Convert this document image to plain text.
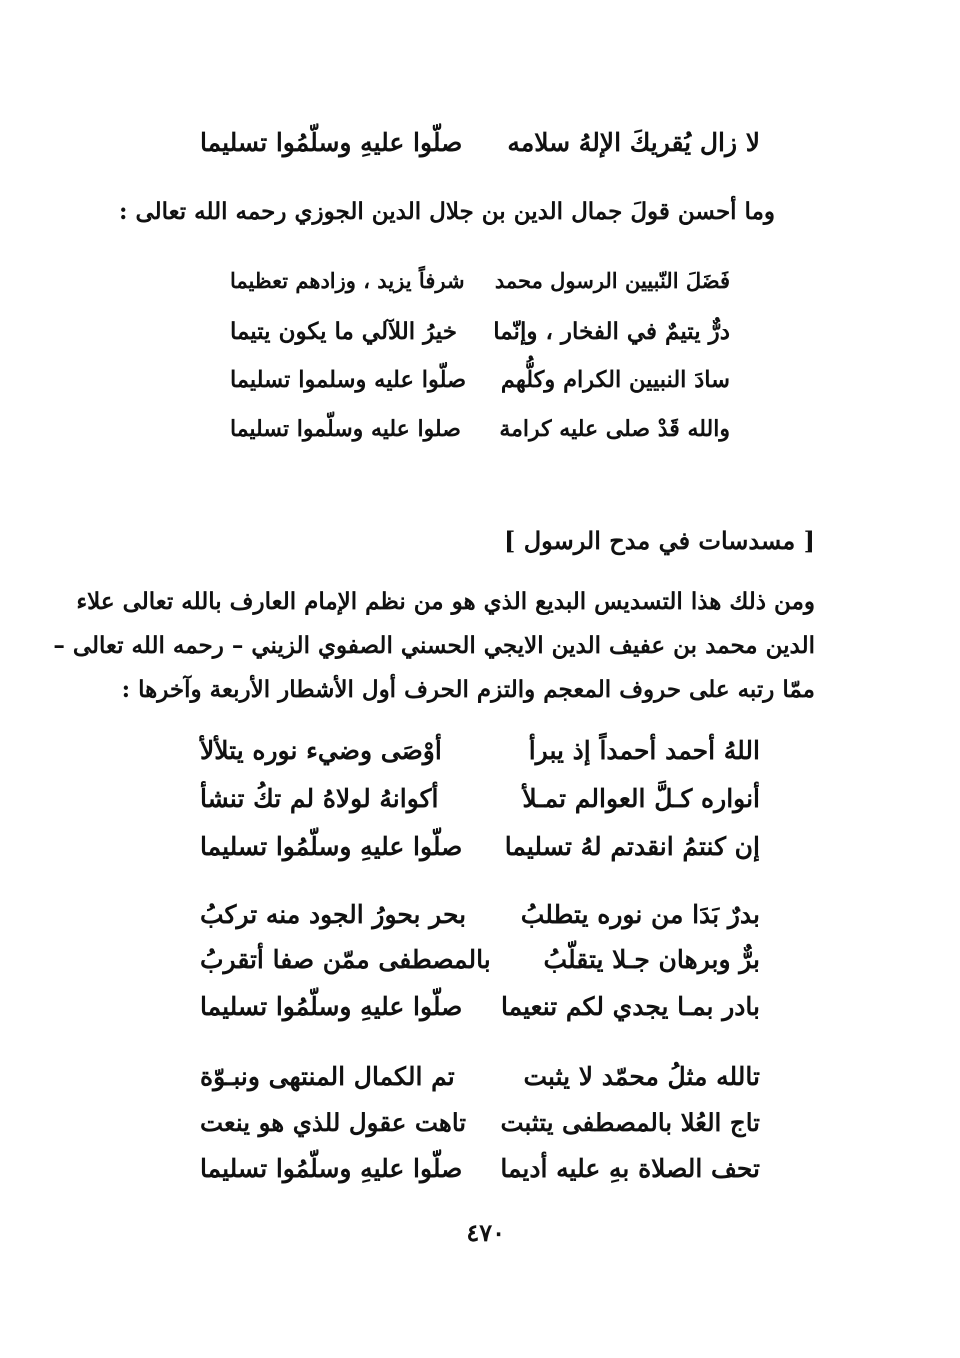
لا زال يُقريكَ الإلهُ سلامه
صلّوا عليهِ وسلّمُوا تسليما
وما أحسن قولَ جمال الدين بن جلال الدين الجوزي رحمه الله تعالى :
فَضَلَ النّبيين الرسول محمد
شرفاً يزيد ، وزادهم تعظيما
درٌّ يتيمٌ في الفخار ، وإنّما
خيرُ اللآلي ما يكون يتيما
سادَ النبيين الكرام وكلُّهم
صلّوا عليه وسلموا تسليما
والله قَدْ صلى عليه كرامة
صلوا عليه وسلّموا تسليما
[ مسدسات في مدح الرسول ]
ومن ذلك هذا التسديس البديع الذي هو من نظم الإمام العارف بالله تعالى علاء
الدين محمد بن عفيف الدين الايجي الحسني الصفوي الزيني – رحمه الله تعالى –
ممّا رتبه على حروف المعجم والتزم الحرف أول الأشطار الأربعة وآخرها :
اللهُ أحمد أحمداً إذ يبرأ
أوْصَى وضيء نوره يتلألأ
أنواره كـلَّ العوالم تمـلأ
أكوانهُ لولاهُ لم تكُ تنشأ
إن كنتمُ انقدتم لهُ تسليما
صلّوا عليهِ وسلّمُوا تسليما
بدرٌ بَدَا من نوره يتطلبُ
بحر بحورُ الجود منه تركبُ
برٌّ وبرهان جـلا يتقلّبُ
بالمصطفى ممّن صفا أتقربُ
بادر بمـا يجدي لكم تنعيما
صلّوا عليهِ وسلّمُوا تسليما
تالله مثلُ محمّد لا يثبت
تم الكمال المنتهى ونبـوّة
تاج العُلا بالمصطفى يتثبت
تاهت عقول للذي هو ينعت
تحف الصلاة بهِ عليه أديما
صلّوا عليهِ وسلّمُوا تسليما
٤٧٠
